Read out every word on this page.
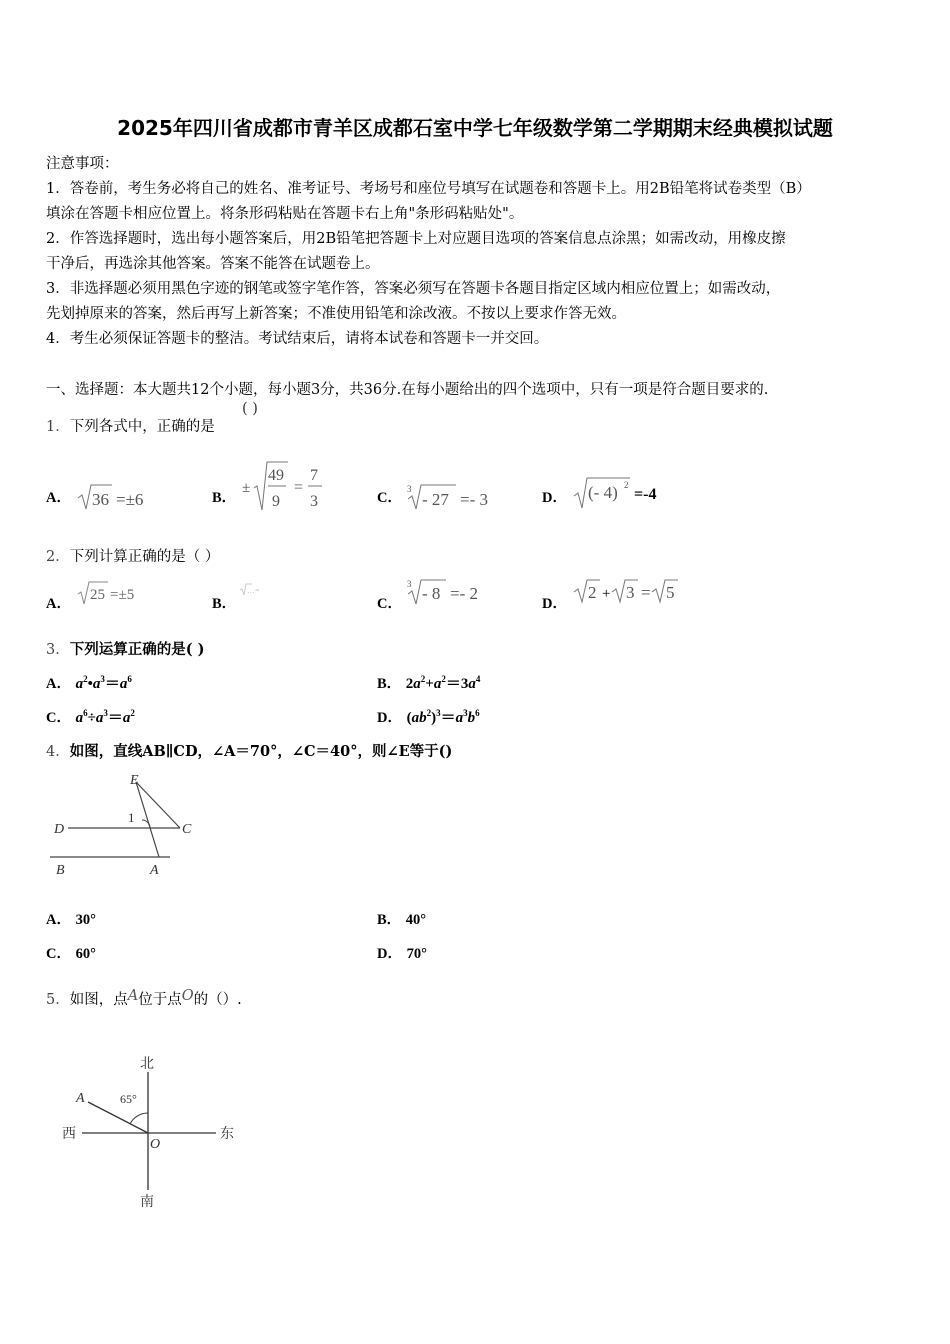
2025年四川省成都市青羊区成都石室中学七年级数学第二学期期末经典模拟试题
注意事项：
1．答卷前，考生务必将自己的姓名、准考证号、考场号和座位号填写在试题卷和答题卡上。用2B铅笔将试卷类型（B）
填涂在答题卡相应位置上。将条形码粘贴在答题卡右上角"条形码粘贴处"。
2．作答选择题时，选出每小题答案后，用2B铅笔把答题卡上对应题目选项的答案信息点涂黑；如需改动，用橡皮擦
干净后，再选涂其他答案。答案不能答在试题卷上。
3．非选择题必须用黑色字迹的钢笔或签字笔作答，答案必须写在答题卡各题目指定区域内相应位置上；如需改动，
先划掉原来的答案，然后再写上新答案；不准使用铅笔和涂改液。不按以上要求作答无效。
4．考生必须保证答题卡的整洁。考试结束后，请将本试卷和答题卡一并交回。
一、选择题：本大题共12个小题，每小题3分，共36分.在每小题给出的四个选项中，只有一项是符合题目要求的.
1．下列各式中，正确的是
( )
A． 36 =±6	B．
±
49
9
=
7
3	C．
3
- 27 =- 3	D． (- 4) 2
=-4
2．下列计算正确的是（ ）
A．
25 =±5
B．
… =
C．
3 - 8 =- 2
D．
2 + 3 = 5
3．下列运算正确的是( )
A． $a^2•a^3=a^6$	B． $2a^2+a^2=3a^4$
C． $a^6\div a^3=a^2$	D． $(ab^2)^3=a^3b^6$
4．如图，直线AB∥CD，∠A＝70°，∠C＝40°，则∠E等于()
E
1
D	C
B	A
A． 30°	B． 40°
C． 60°	D． 70°
5．如图，点A位于点O的（）.
北
南
西	东
A
O
65°
